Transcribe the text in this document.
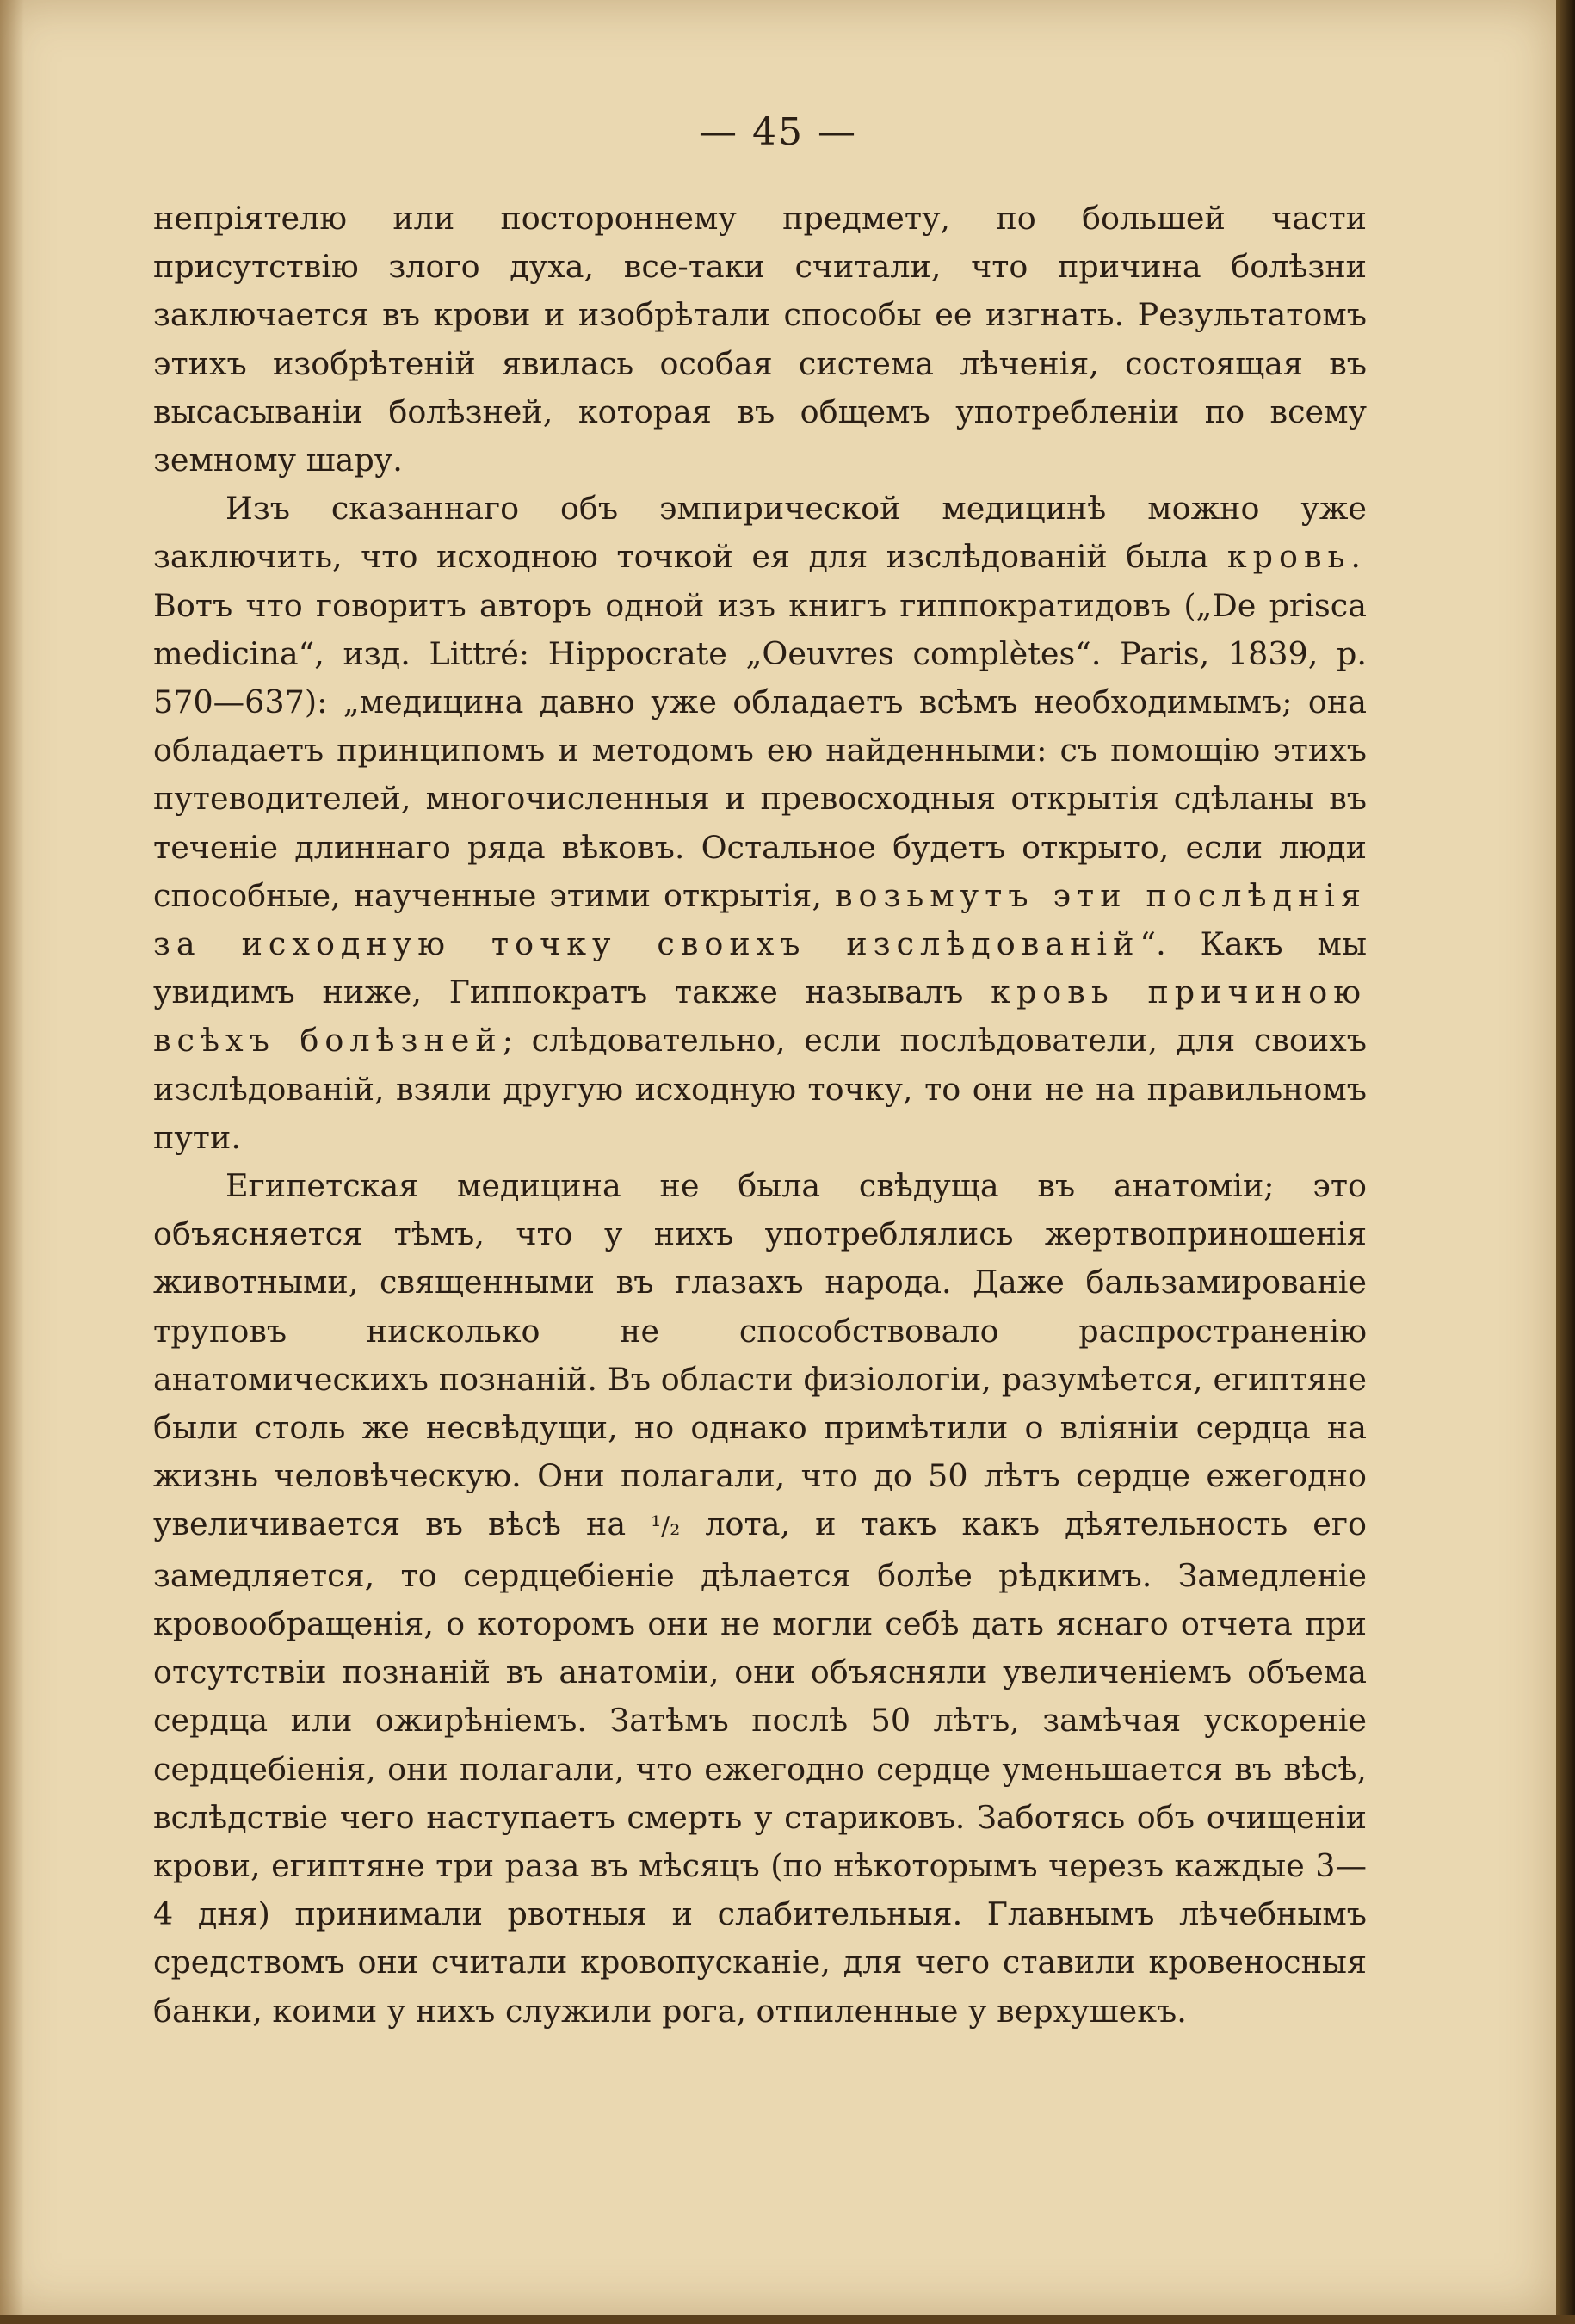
— 45 —

непріятелю или постороннему предмету, по большей части присутствію злого духа, все-таки считали, что причина болѣзни заключается въ крови и изобрѣтали способы ее изгнать. Результатомъ этихъ изобрѣтеній явилась особая система лѣченія, состоящая въ высасываніи болѣзней, которая въ общемъ употребленіи по всему земному шару.

Изъ сказаннаго объ эмпирической медицинѣ можно уже заключить, что исходною точкой ея для изслѣдованій была кровь. Вотъ что говоритъ авторъ одной изъ книгъ гиппократидовъ („De prisca medicina“, изд. Littré: Hippocrate „Oeuvres complètes“. Paris, 1839, p. 570—637): „медицина давно уже обладаетъ всѣмъ необходимымъ; она обладаетъ принципомъ и методомъ ею найденными: съ помощію этихъ путеводителей, многочисленныя и превосходныя открытія сдѣланы въ теченіе длиннаго ряда вѣковъ. Остальное будетъ открыто, если люди способные, наученные этими открытія, возьмутъ эти послѣднія за исходную точку своихъ изслѣдованій“. Какъ мы увидимъ ниже, Гиппократъ также называлъ кровь причиною всѣхъ болѣзней; слѣдовательно, если послѣдователи, для своихъ изслѣдованій, взяли другую исходную точку, то они не на правильномъ пути.

Египетская медицина не была свѣдуща въ анатоміи; это объясняется тѣмъ, что у нихъ употреблялись жертвоприношенія животными, священными въ глазахъ народа. Даже бальзамированіе труповъ нисколько не способствовало распространенію анатомическихъ познаній. Въ области физіологіи, разумѣется, египтяне были столь же несвѣдущи, но однако примѣтили о вліяніи сердца на жизнь человѣческую. Они полагали, что до 50 лѣтъ сердце ежегодно увеличивается въ вѣсѣ на ¹/₂ лота, и такъ какъ дѣятельность его замедляется, то сердцебіеніе дѣлается болѣе рѣдкимъ. Замедленіе кровообращенія, о которомъ они не могли себѣ дать яснаго отчета при отсутствіи познаній въ анатоміи, они объясняли увеличеніемъ объема сердца или ожирѣніемъ. Затѣмъ послѣ 50 лѣтъ, замѣчая ускореніе сердцебіенія, они полагали, что ежегодно сердце уменьшается въ вѣсѣ, вслѣдствіе чего наступаетъ смерть у стариковъ. Заботясь объ очищеніи крови, египтяне три раза въ мѣсяцъ (по нѣкоторымъ черезъ каждые 3—4 дня) принимали рвотныя и слабительныя. Главнымъ лѣчебнымъ средствомъ они считали кровопусканіе, для чего ставили кровеносныя банки, коими у нихъ служили рога, отпиленные у верхушекъ.
